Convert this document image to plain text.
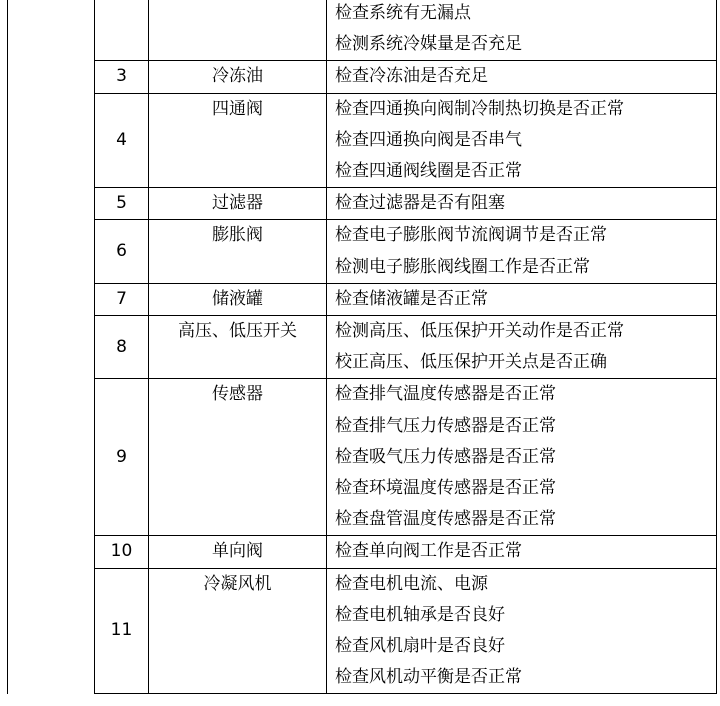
			检查系统有无漏点
检测系统冷媒量是否充足

	3	冷冻油	检查冷冻油是否充足

	4	四通阀	检查四通换向阀制冷制热切换是否正常
检查四通换向阀是否串气
检查四通阀线圈是否正常

	5	过滤器	检查过滤器是否有阻塞

	6	膨胀阀	检查电子膨胀阀节流阀调节是否正常
检测电子膨胀阀线圈工作是否正常

	7	储液罐	检查储液罐是否正常

	8	高压、低压开关	检测高压、低压保护开关动作是否正常
校正高压、低压保护开关点是否正确

	9	传感器	检查排气温度传感器是否正常
检查排气压力传感器是否正常
检查吸气压力传感器是否正常
检查环境温度传感器是否正常
检查盘管温度传感器是否正常

	10	单向阀	检查单向阀工作是否正常

	11	冷凝风机	检查电机电流、电源
检查电机轴承是否良好
检查风机扇叶是否良好
检查风机动平衡是否正常
